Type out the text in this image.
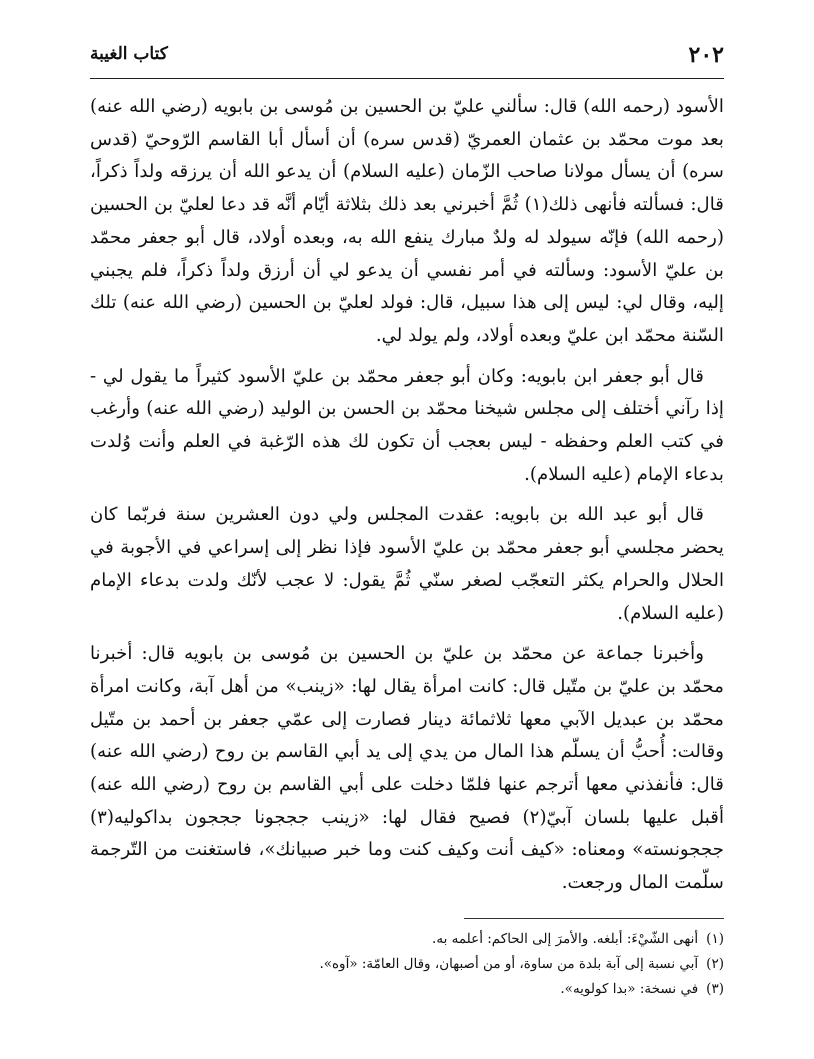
٢٠٢
كتاب الغيبة

الأسود (رحمه الله) قال: سألني عليّ بن الحسين بن مُوسى بن بابويه (رضي الله عنه) بعد موت محمّد بن عثمان العمريّ (قدس سره) أن أسأل أبا القاسم الرّوحيّ (قدس سره) أن يسأل مولانا صاحب الزّمان (عليه السلام) أن يدعو الله أن يرزقه ولداً ذكراً، قال: فسألته فأنهى ذلك(١) ثُمَّ أخبرني بعد ذلك بثلاثة أيّام أنَّه قد دعا لعليّ بن الحسين (رحمه الله) فإنّه سيولد له ولدٌ مبارك ينفع الله به، وبعده أولاد، قال أبو جعفر محمّد بن عليّ الأسود: وسألته في أمر نفسي أن يدعو لي أن أرزق ولداً ذكراً، فلم يجبني إليه، وقال لي: ليس إلى هذا سبيل، قال: فولد لعليّ بن الحسين (رضي الله عنه) تلك السّنة محمّد ابن عليّ وبعده أولاد، ولم يولد لي.

قال أبو جعفر ابن بابويه: وكان أبو جعفر محمّد بن عليّ الأسود كثيراً ما يقول لي - إذا رآني أختلف إلى مجلس شيخنا محمّد بن الحسن بن الوليد (رضي الله عنه) وأرغب في كتب العلم وحفظه - ليس بعجب أن تكون لك هذه الرّغبة في العلم وأنت وُلدت بدعاء الإمام (عليه السلام).

قال أبو عبد الله بن بابويه: عقدت المجلس ولي دون العشرين سنة فربّما كان يحضر مجلسي أبو جعفر محمّد بن عليّ الأسود فإذا نظر إلى إسراعي في الأجوبة في الحلال والحرام يكثر التعجّب لصغر سنّي ثُمَّ يقول: لا عجب لأنّك ولدت بدعاء الإمام (عليه السلام).

وأخبرنا جماعة عن محمّد بن عليّ بن الحسين بن مُوسى بن بابويه قال: أخبرنا محمّد بن عليّ بن متّيل قال: كانت امرأة يقال لها: «زينب» من أهل آبة، وكانت امرأة محمّد بن عبديل الآبي معها ثلاثمائة دينار فصارت إلى عمّي جعفر بن أحمد بن متّيل وقالت: أُحبُّ أن يسلّم هذا المال من يدي إلى يد أبي القاسم بن روح (رضي الله عنه) قال: فأنفذني معها أترجم عنها فلمّا دخلت على أبي القاسم بن روح (رضي الله عنه) أقبل عليها بلسان آبيّ(٢) فصيح فقال لها: «زينب جججونا جججون بداكوليه(٣) جججونسته» ومعناه: «كيف أنت وكيف كنت وما خبر صبيانك»، فاستغنت من التّرجمة سلّمت المال ورجعت.

(١)
أنهى الشّيْءَ: أبلغه. والأمرَ إلى الحاكم: أعلمه به.
(٢)
آبي نسبة إلى آبة بلدة من ساوة، أو من أصبهان، وقال العامّة: «آوه».
(٣)
في نسخة: «بدا كولويه».
